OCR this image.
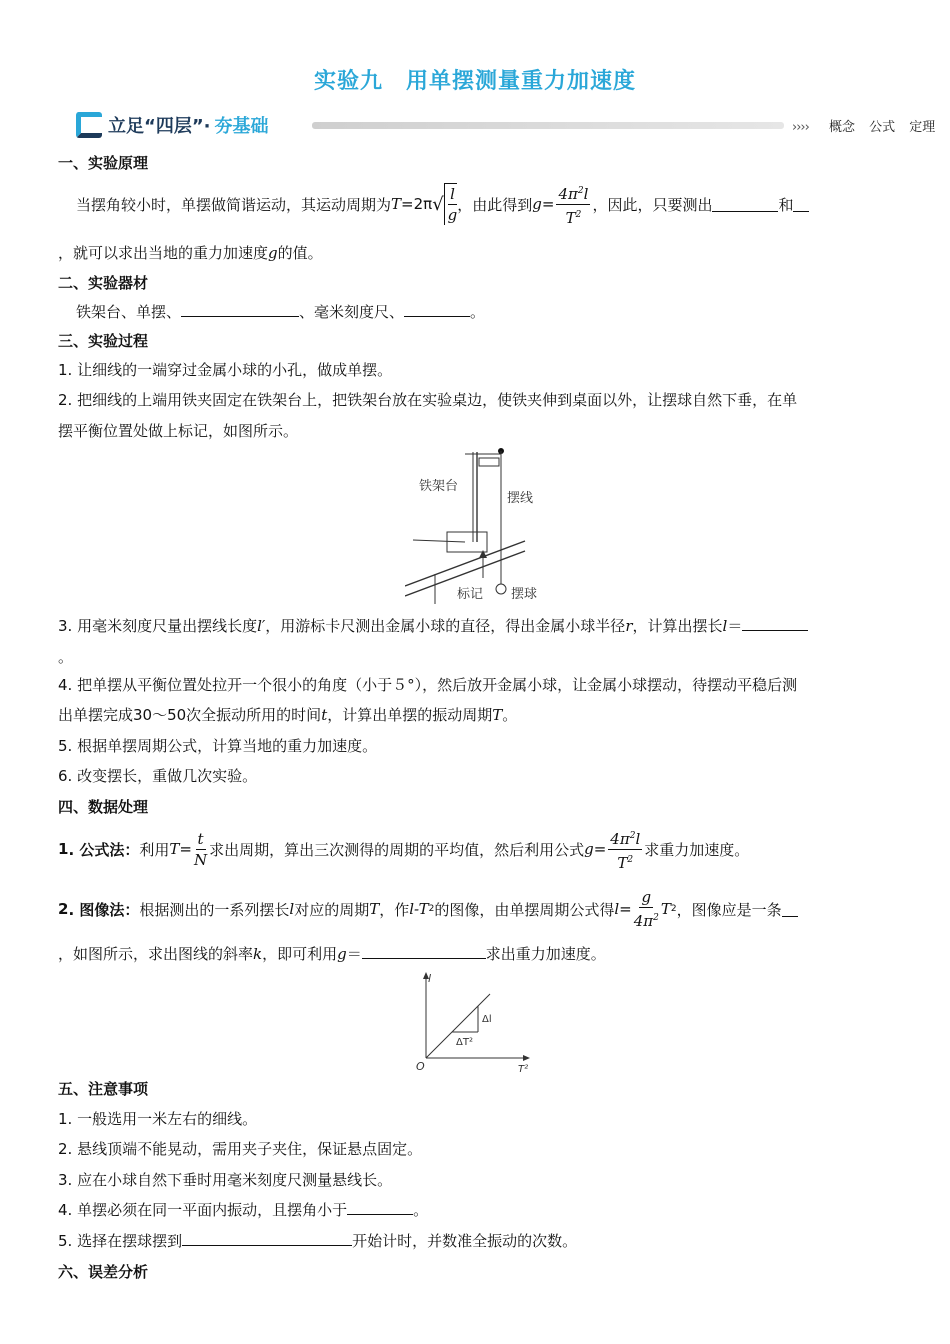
实验九　用单摆测量重力加速度
立足“四层”· 夯基础	›››› 概念 公式 定理
一、实验原理
当摆角较小时，单摆做简谐运动，其运动周期为 T =2π √ $\frac{l}{g}$ ，由此得到 $g = \frac{4\pi^2l}{T^2}$ ，因此，只要测出	和
，就可以求出当地的重力加速度g的值。
二、实验器材
铁架台、单摆、	、毫米刻度尺、	。
三、实验过程
1. 让细线的一端穿过金属小球的小孔，做成单摆。
2. 把细线的上端用铁夹固定在铁架台上，把铁架台放在实验桌边，使铁夹伸到桌面以外，让摆球自然下垂，在单
摆平衡位置处做上标记，如图所示。
铁架台
摆线
标记 摆球
3. 用毫米刻度尺量出摆线长度l′，用游标卡尺测出金属小球的直径，得出金属小球半径r，计算出摆长l＝
。
4. 把单摆从平衡位置处拉开一个很小的角度（小于５°），然后放开金属小球，让金属小球摆动，待摆动平稳后测
出单摆完成30～50次全振动所用的时间t，计算出单摆的振动周期T。
5. 根据单摆周期公式，计算当地的重力加速度。
6. 改变摆长，重做几次实验。
四、数据处理
1 . 公式法： 利用 $T = \frac{t}{N}$ 求出周期，算出三次测得的周期的平均值，然后利用公式 $g = \frac{4\pi^2l}{T^2}$ 求重力加速度。
2 . 图像法： 根据测出的一系列摆长 l 对应的周期 T ，作 l-T 2 的图像，由单摆周期公式得 $l = \frac{g}{4\pi^2}$ T 2 ，图像应是一条
，如图所示，求出图线的斜率k，即可利用g＝	求出重力加速度。
l
T²
O
Δl
ΔT²
五、注意事项
1. 一般选用一米左右的细线。
2. 悬线顶端不能晃动，需用夹子夹住，保证悬点固定。
3. 应在小球自然下垂时用毫米刻度尺测量悬线长。
4. 单摆必须在同一平面内振动，且摆角小于	。
5. 选择在摆球摆到	开始计时，并数准全振动的次数。
六、误差分析
